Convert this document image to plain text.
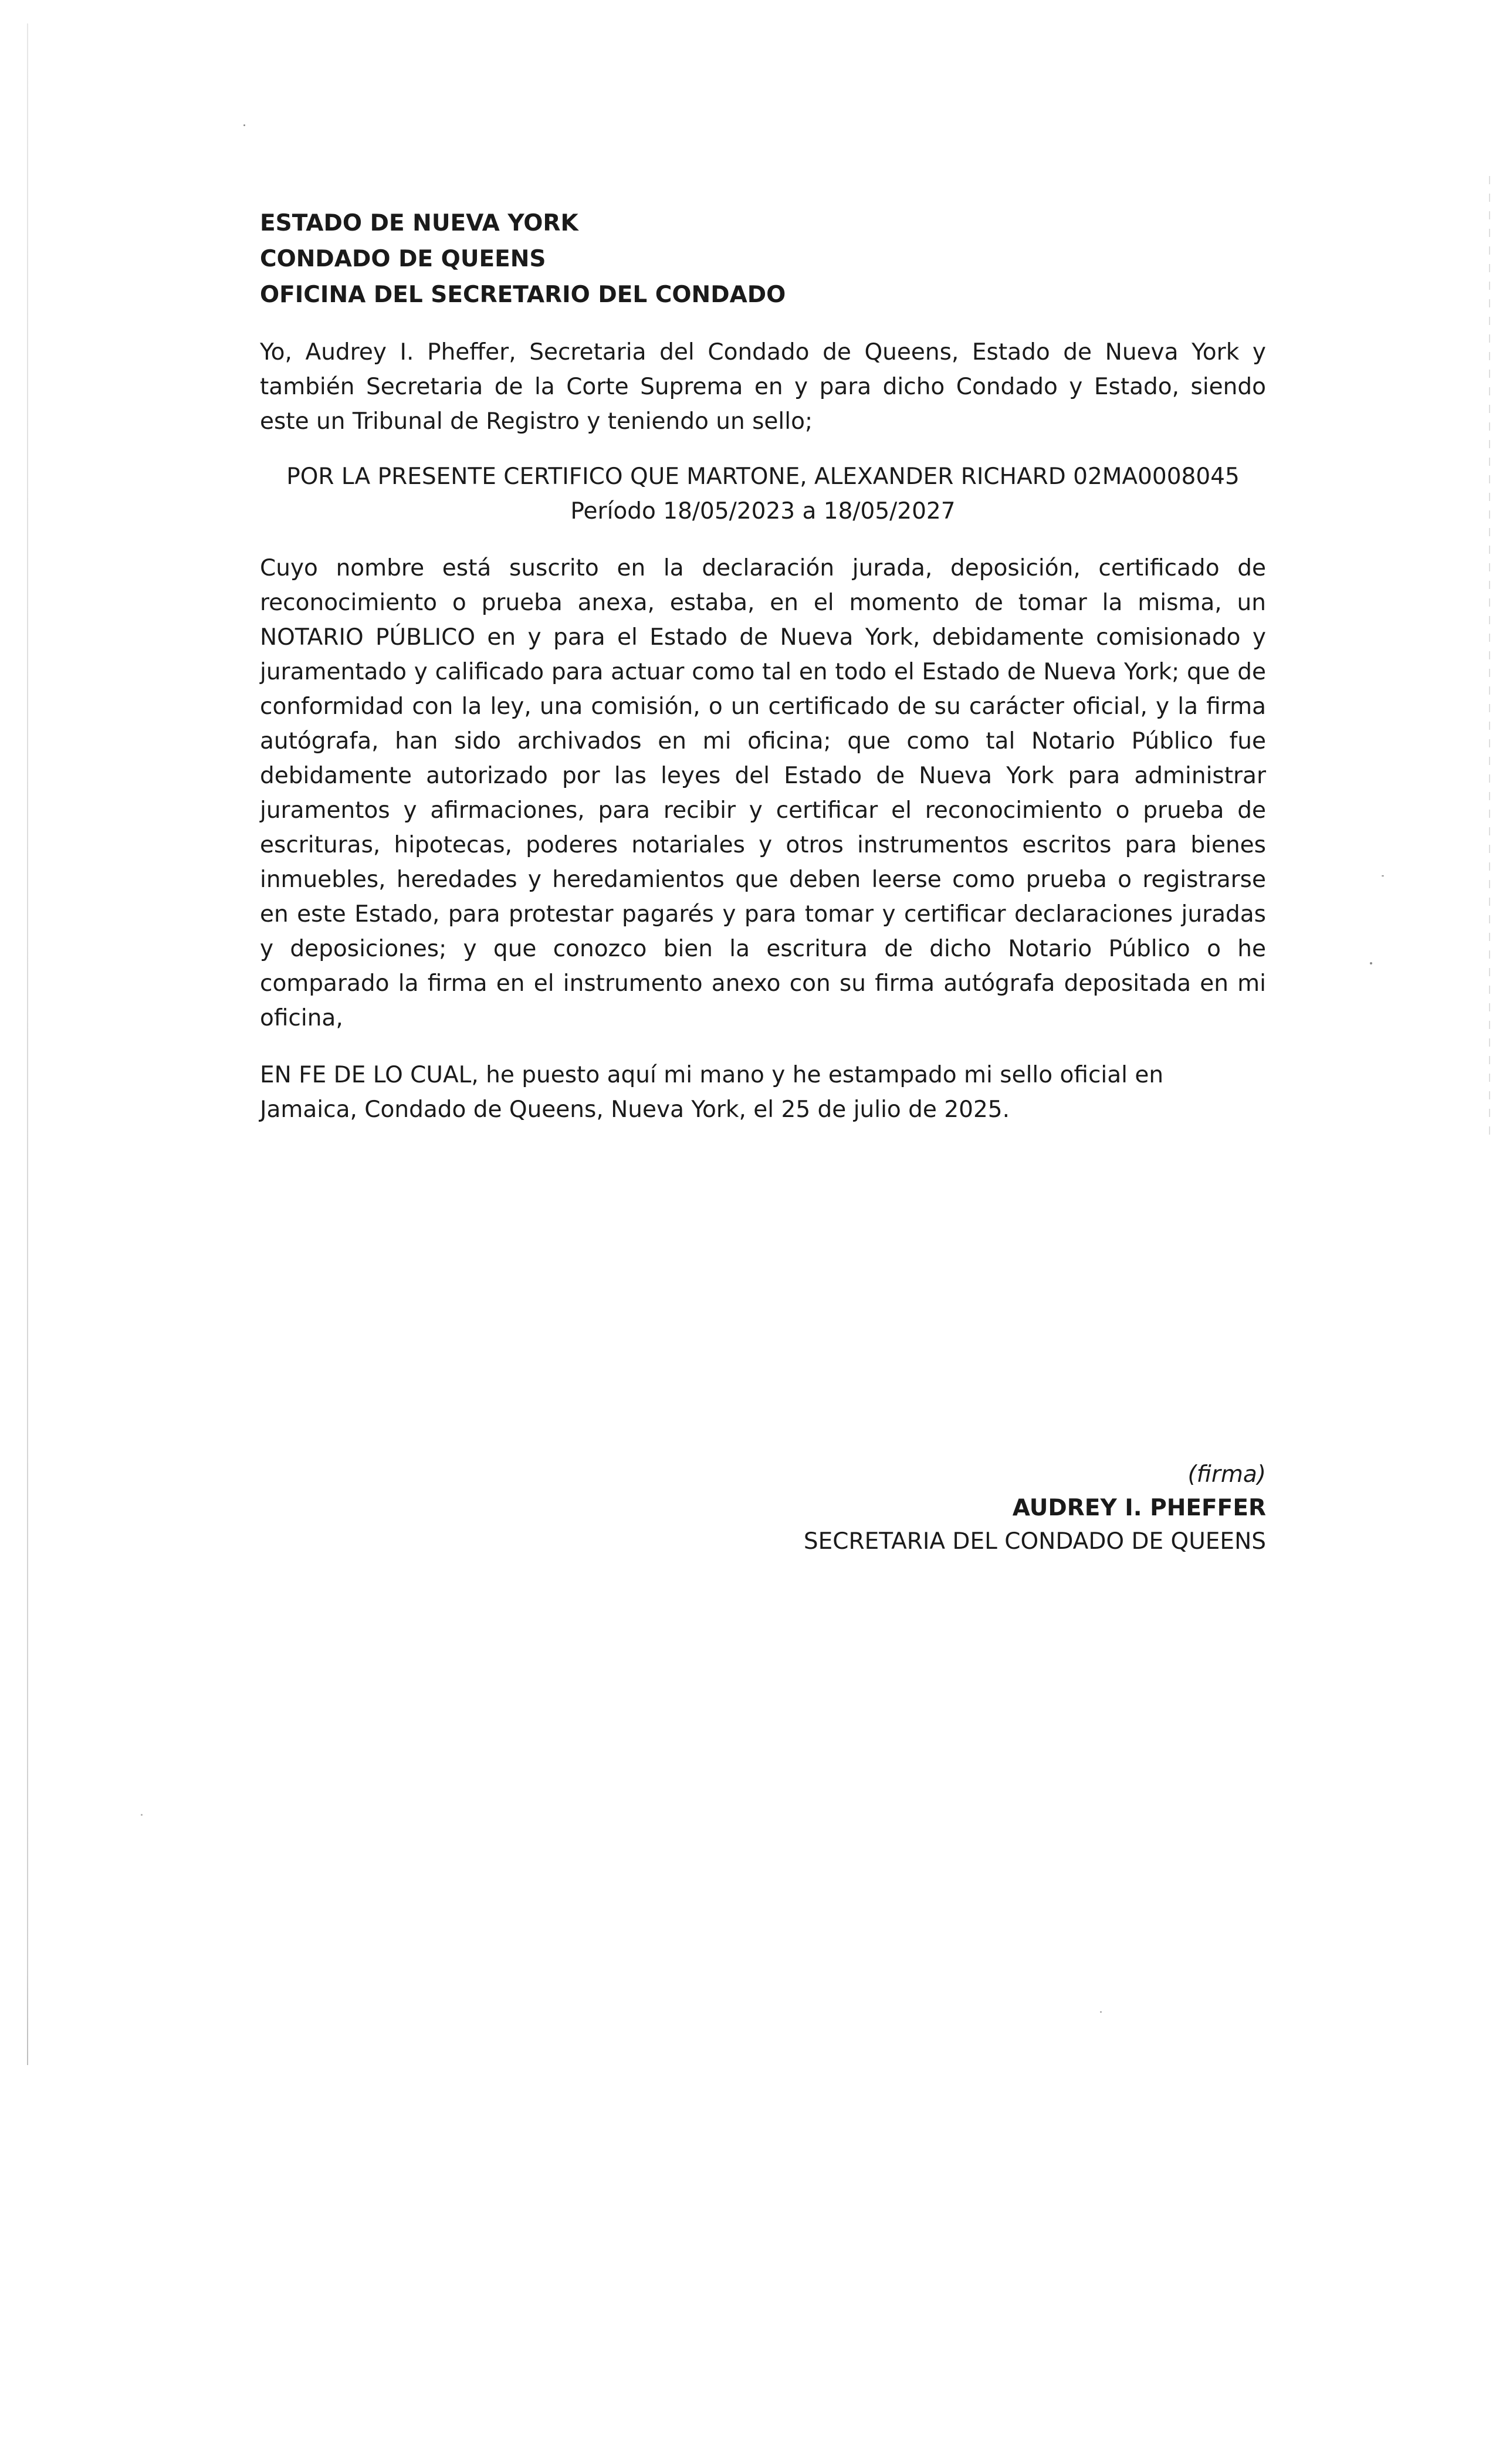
ESTADO DE NUEVA YORK

CONDADO DE QUEENS

OFICINA DEL SECRETARIO DEL CONDADO

Yo, Audrey I. Pheffer, Secretaria del Condado de Queens, Estado de Nueva York y también Secretaria de la Corte Suprema en y para dicho Condado y Estado, siendo este un Tribunal de Registro y teniendo un sello;

POR LA PRESENTE CERTIFICO QUE MARTONE, ALEXANDER RICHARD 02MA0008045
Período 18/05/2023 a 18/05/2027

Cuyo nombre está suscrito en la declaración jurada, deposición, certificado de reconocimiento o prueba anexa, estaba, en el momento de tomar la misma, un NOTARIO PÚBLICO en y para el Estado de Nueva York, debidamente comisionado y juramentado y calificado para actuar como tal en todo el Estado de Nueva York; que de conformidad con la ley, una comisión, o un certificado de su carácter oficial, y la firma autógrafa, han sido archivados en mi oficina; que como tal Notario Público fue debidamente autorizado por las leyes del Estado de Nueva York para administrar juramentos y afirmaciones, para recibir y certificar el reconocimiento o prueba de escrituras, hipotecas, poderes notariales y otros instrumentos escritos para bienes inmuebles, heredades y heredamientos que deben leerse como prueba o registrarse en este Estado, para protestar pagarés y para tomar y certificar declaraciones juradas y deposiciones; y que conozco bien la escritura de dicho Notario Público o he comparado la firma en el instrumento anexo con su firma autógrafa depositada en mi oficina,

EN FE DE LO CUAL, he puesto aquí mi mano y he estampado mi sello oficial en Jamaica, Condado de Queens, Nueva York, el 25 de julio de 2025.

(firma)
AUDREY I. PHEFFER
SECRETARIA DEL CONDADO DE QUEENS
